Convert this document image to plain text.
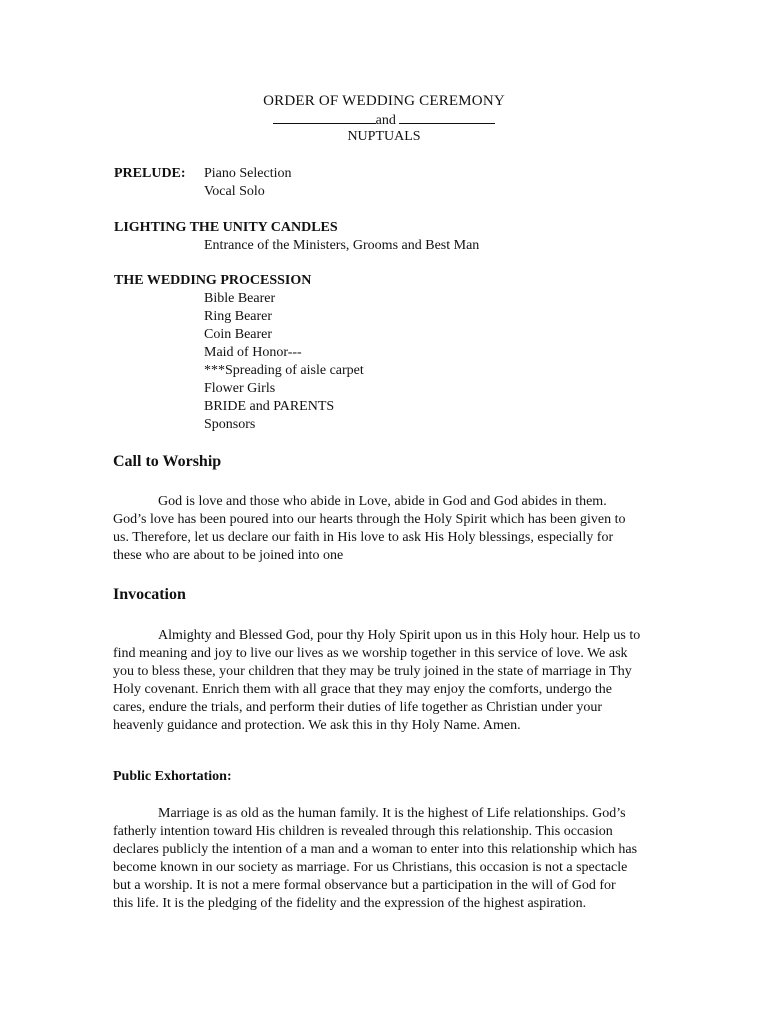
ORDER OF WEDDING CEREMONY
and
NUPTUALS
PRELUDE: Piano Selection
Vocal Solo
LIGHTING THE UNITY CANDLES
Entrance of the Ministers, Grooms and Best Man
THE WEDDING PROCESSION
Bible Bearer
Ring Bearer
Coin Bearer
Maid of Honor---
***Spreading of aisle carpet
Flower Girls
BRIDE and PARENTS
Sponsors
Call to Worship
God is love and those who abide in Love, abide in God and God abides in them.
God’s love has been poured into our hearts through the Holy Spirit which has been given to
us. Therefore, let us declare our faith in His love to ask His Holy blessings, especially for
these who are about to be joined into one
Invocation
Almighty and Blessed God, pour thy Holy Spirit upon us in this Holy hour. Help us to
find meaning and joy to live our lives as we worship together in this service of love. We ask
you to bless these, your children that they may be truly joined in the state of marriage in Thy
Holy covenant. Enrich them with all grace that they may enjoy the comforts, undergo the
cares, endure the trials, and perform their duties of life together as Christian under your
heavenly guidance and protection. We ask this in thy Holy Name. Amen.
Public Exhortation:
Marriage is as old as the human family. It is the highest of Life relationships. God’s
fatherly intention toward His children is revealed through this relationship. This occasion
declares publicly the intention of a man and a woman to enter into this relationship which has
become known in our society as marriage. For us Christians, this occasion is not a spectacle
but a worship. It is not a mere formal observance but a participation in the will of God for
this life. It is the pledging of the fidelity and the expression of the highest aspiration.
